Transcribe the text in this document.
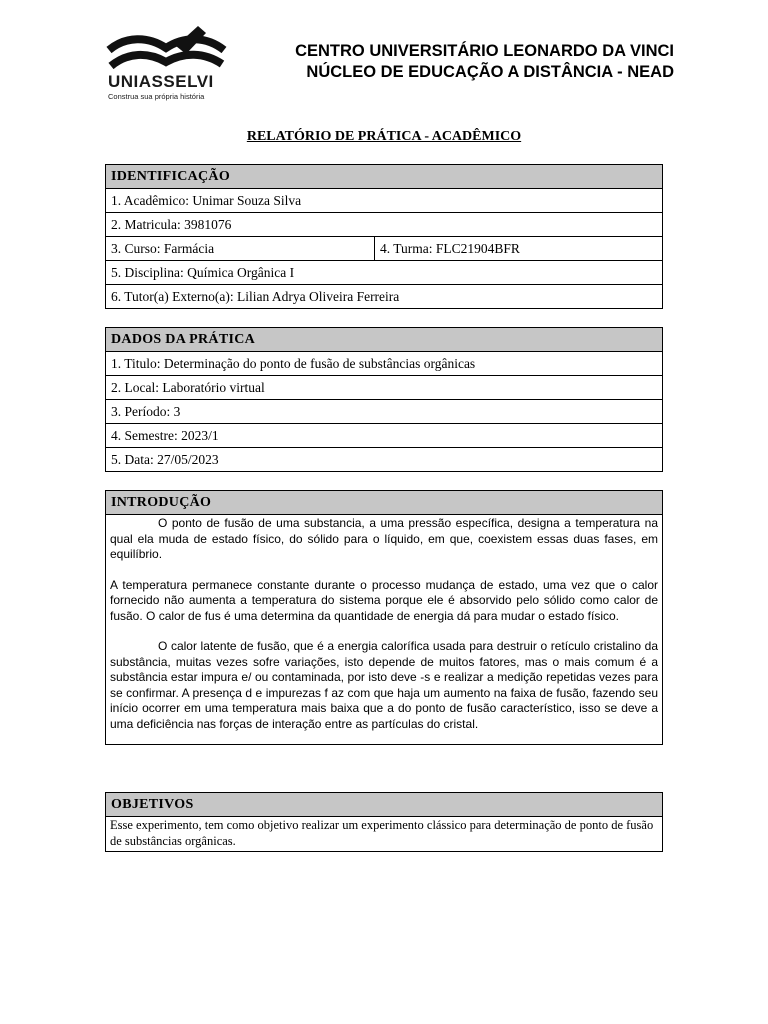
UNIASSELVI
Construa sua própria história
CENTRO UNIVERSITÁRIO LEONARDO DA VINCI
NÚCLEO DE EDUCAÇÃO A DISTÂNCIA - NEAD
RELATÓRIO DE PRÁTICA - ACADÊMICO
IDENTIFICAÇÃO
1. Acadêmico: Unimar Souza Silva
2. Matricula: 3981076
3. Curso: Farmácia	4. Turma: FLC21904BFR
5. Disciplina: Química Orgânica I
6. Tutor(a) Externo(a): Lilian Adrya Oliveira Ferreira
DADOS DA PRÁTICA
1. Titulo: Determinação do ponto de fusão de substâncias orgânicas
2. Local: Laboratório virtual
3. Período: 3
4. Semestre: 2023/1
5. Data: 27/05/2023
INTRODUÇÃO

O ponto de fusão de uma substancia, a uma pressão específica, designa a temperatura na qual ela muda de estado físico, do sólido para o líquido, em que, coexistem essas duas fases, em equilíbrio.

A temperatura permanece constante durante o processo mudança de estado, uma vez que o calor fornecido não aumenta a temperatura do sistema porque ele é absorvido pelo sólido como calor de fusão. O calor de fus é uma determina da quantidade de energia dá para mudar o estado físico.

O calor latente de fusão, que é a energia calorífica usada para destruir o retículo cristalino da substância, muitas vezes sofre variações, isto depende de muitos fatores, mas o mais comum é a substância estar impura e/ ou contaminada, por isto deve -s e realizar a medição repetidas vezes para se confirmar. A presença d e impurezas f az com que haja um aumento na faixa de fusão, fazendo seu início ocorrer em uma temperatura mais baixa que a do ponto de fusão característico, isso se deve a uma deficiência nas forças de interação entre as partículas do cristal.

OBJETIVOS
Esse experimento, tem como objetivo realizar um experimento clássico para determinação de ponto de fusão de substâncias orgânicas.
